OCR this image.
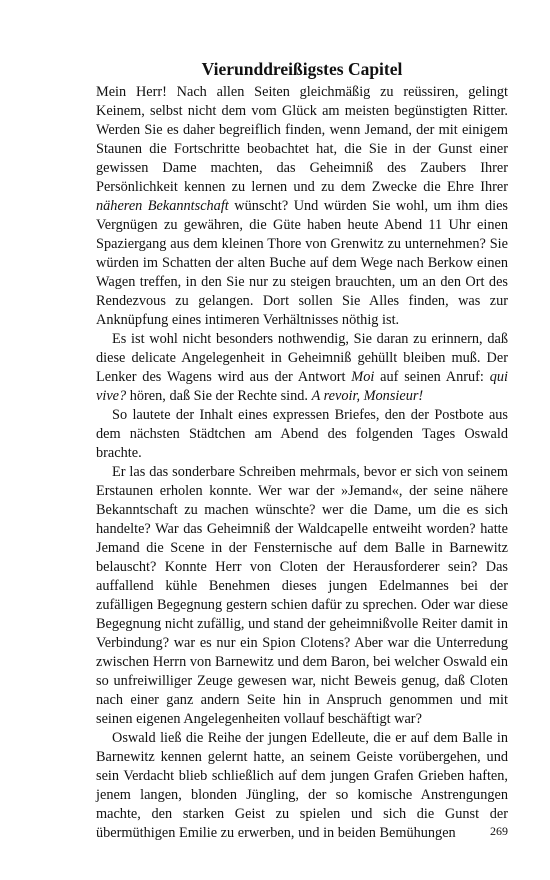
Vierunddreißigstes Capitel

Mein Herr! Nach allen Seiten gleichmäßig zu reüssiren, gelingt Keinem, selbst nicht dem vom Glück am meisten begünstigten Ritter. Werden Sie es daher begreiflich finden, wenn Jemand, der mit einigem Staunen die Fortschritte beobachtet hat, die Sie in der Gunst einer gewissen Dame machten, das Geheimniß des Zaubers Ihrer Persönlichkeit kennen zu lernen und zu dem Zwecke die Ehre Ihrer näheren Bekanntschaft wünscht? Und würden Sie wohl, um ihm dies Vergnügen zu gewähren, die Güte haben heute Abend 11 Uhr einen Spaziergang aus dem kleinen Thore von Grenwitz zu unternehmen? Sie würden im Schatten der alten Buche auf dem Wege nach Berkow einen Wagen treffen, in den Sie nur zu steigen brauchten, um an den Ort des Rendezvous zu gelangen. Dort sollen Sie Alles finden, was zur Anknüpfung eines intimeren Verhältnisses nöthig ist.

Es ist wohl nicht besonders nothwendig, Sie daran zu erinnern, daß diese delicate Angelegenheit in Geheimniß gehüllt bleiben muß. Der Lenker des Wagens wird aus der Antwort Moi auf seinen Anruf: qui vive? hören, daß Sie der Rechte sind. A revoir, Monsieur!

So lautete der Inhalt eines expressen Briefes, den der Postbote aus dem nächsten Städtchen am Abend des folgenden Tages Oswald brachte.

Er las das sonderbare Schreiben mehrmals, bevor er sich von seinem Erstaunen erholen konnte. Wer war der »Jemand«, der seine nähere Bekanntschaft zu machen wünschte? wer die Dame, um die es sich handelte? War das Geheimniß der Waldcapelle entweiht worden? hatte Jemand die Scene in der Fensternische auf dem Balle in Barnewitz belauscht? Konnte Herr von Cloten der Herausforderer sein? Das auffallend kühle Benehmen dieses jungen Edelmannes bei der zufälligen Begegnung gestern schien dafür zu sprechen. Oder war diese Begegnung nicht zufällig, und stand der geheimnißvolle Reiter damit in Verbindung? war es nur ein Spion Clotens? Aber war die Unterredung zwischen Herrn von Barnewitz und dem Baron, bei welcher Oswald ein so unfreiwilliger Zeuge gewesen war, nicht Beweis genug, daß Cloten nach einer ganz andern Seite hin in Anspruch genommen und mit seinen eigenen Angelegenheiten vollauf beschäftigt war?

Oswald ließ die Reihe der jungen Edelleute, die er auf dem Balle in Barnewitz kennen gelernt hatte, an seinem Geiste vorübergehen, und sein Verdacht blieb schließlich auf dem jungen Grafen Grieben haften, jenem langen, blonden Jüngling, der so komische Anstrengungen machte, den starken Geist zu spielen und sich die Gunst der übermüthigen Emilie zu erwerben, und in beiden Bemühungen	269
